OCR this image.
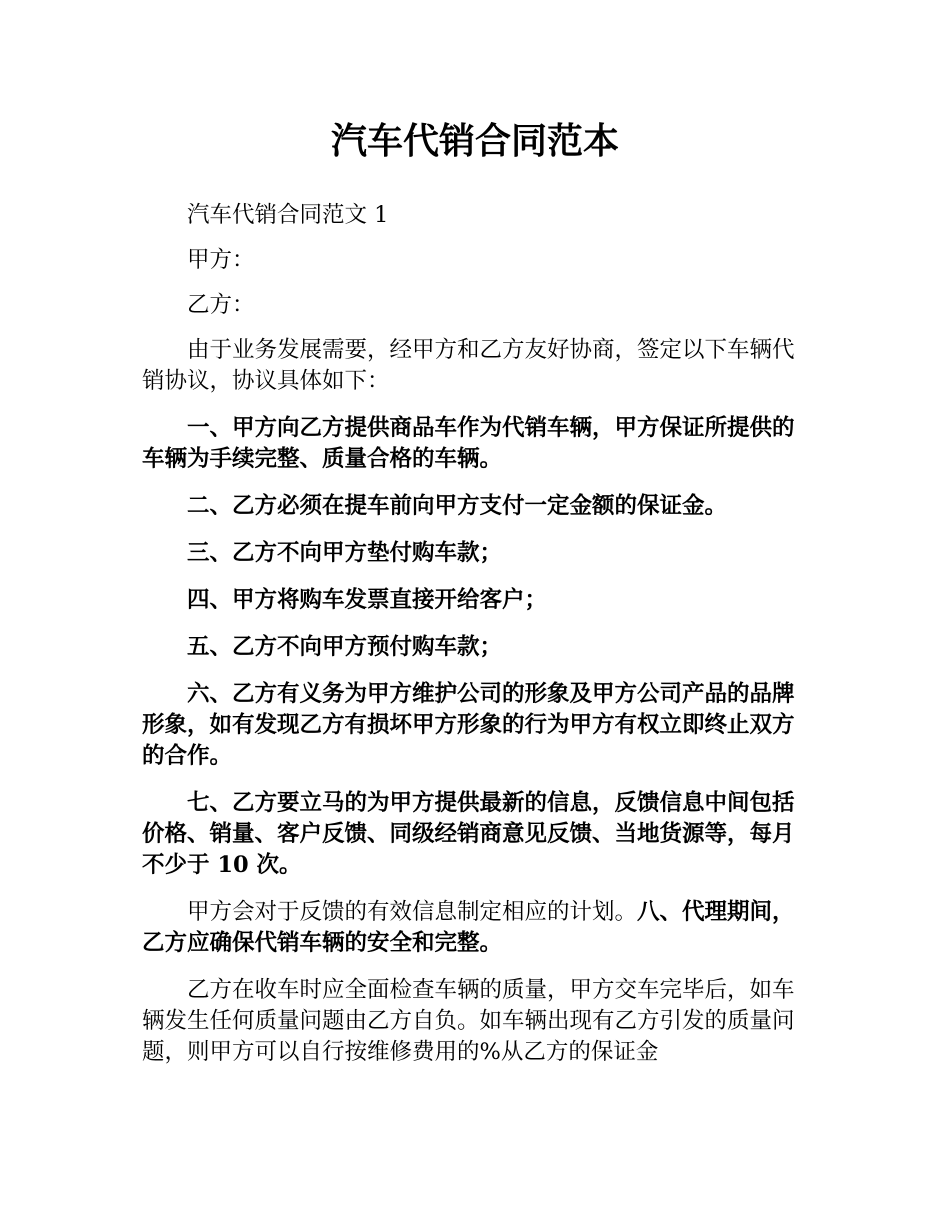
汽车代销合同范本

汽车代销合同范文 1

甲方：

乙方：

由于业务发展需要，经甲方和乙方友好协商，签定以下车辆代销协议，协议具体如下：

一、甲方向乙方提供商品车作为代销车辆，甲方保证所提供的车辆为手续完整、质量合格的车辆。

二、乙方必须在提车前向甲方支付一定金额的保证金。

三、乙方不向甲方垫付购车款；

四、甲方将购车发票直接开给客户；

五、乙方不向甲方预付购车款；

六、乙方有义务为甲方维护公司的形象及甲方公司产品的品牌形象，如有发现乙方有损坏甲方形象的行为甲方有权立即终止双方的合作。

七、乙方要立马的为甲方提供最新的信息，反馈信息中间包括价格、销量、客户反馈、同级经销商意见反馈、当地货源等，每月不少于 10 次。

甲方会对于反馈的有效信息制定相应的计划。八、代理期间，乙方应确保代销车辆的安全和完整。

乙方在收车时应全面检查车辆的质量，甲方交车完毕后，如车辆发生任何质量问题由乙方自负。如车辆出现有乙方引发的质量问题，则甲方可以自行按维修费用的%从乙方的保证金
